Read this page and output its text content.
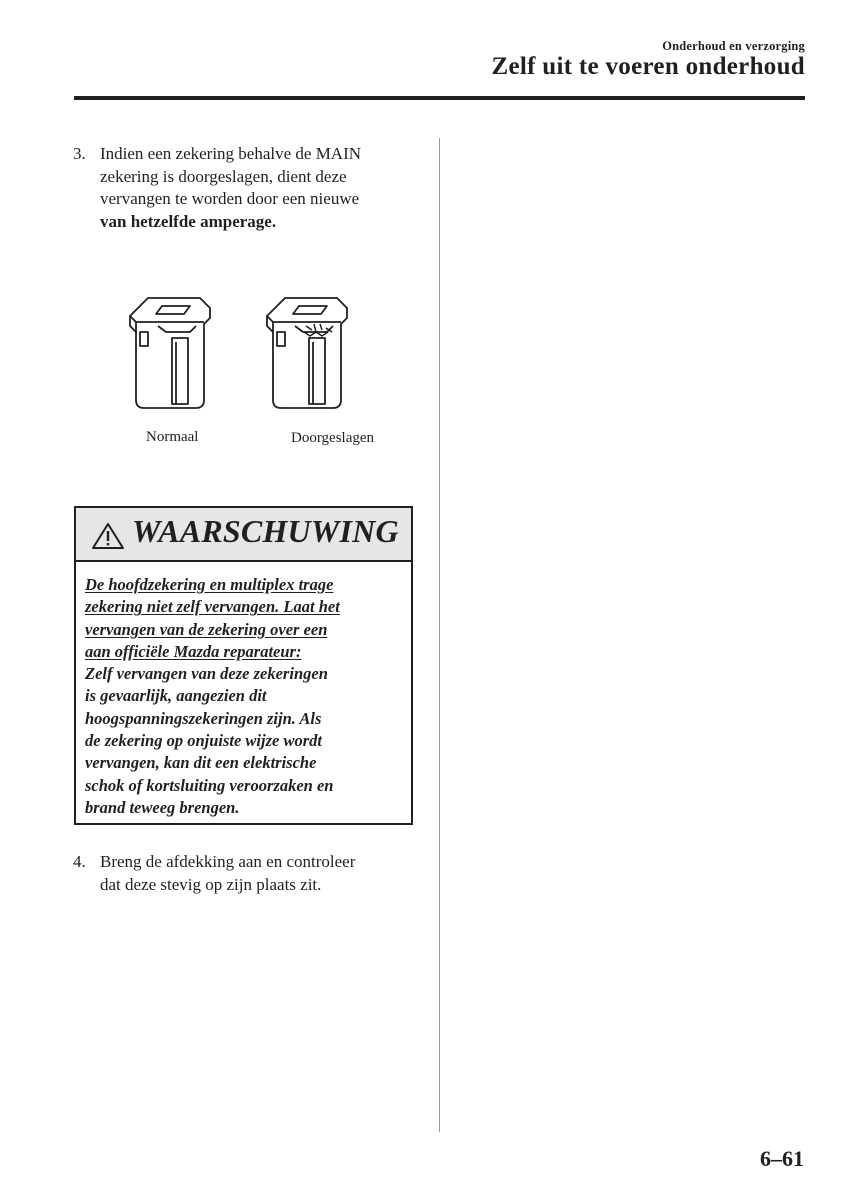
Onderhoud en verzorging
Zelf uit te voeren onderhoud
3. Indien een zekering behalve de MAIN
zekering is doorgeslagen, dient deze
vervangen te worden door een nieuwe
van hetzelfde amperage.
Normaal	Doorgeslagen
WAARSCHUWING
De hoofdzekering en multiplex trage
zekering niet zelf vervangen. Laat het
vervangen van de zekering over een
aan officiële Mazda reparateur:
Zelf vervangen van deze zekeringen
is gevaarlijk, aangezien dit
hoogspanningszekeringen zijn. Als
de zekering op onjuiste wijze wordt
vervangen, kan dit een elektrische
schok of kortsluiting veroorzaken en
brand teweeg brengen.
4. Breng de afdekking aan en controleer
dat deze stevig op zijn plaats zit.
6–61
